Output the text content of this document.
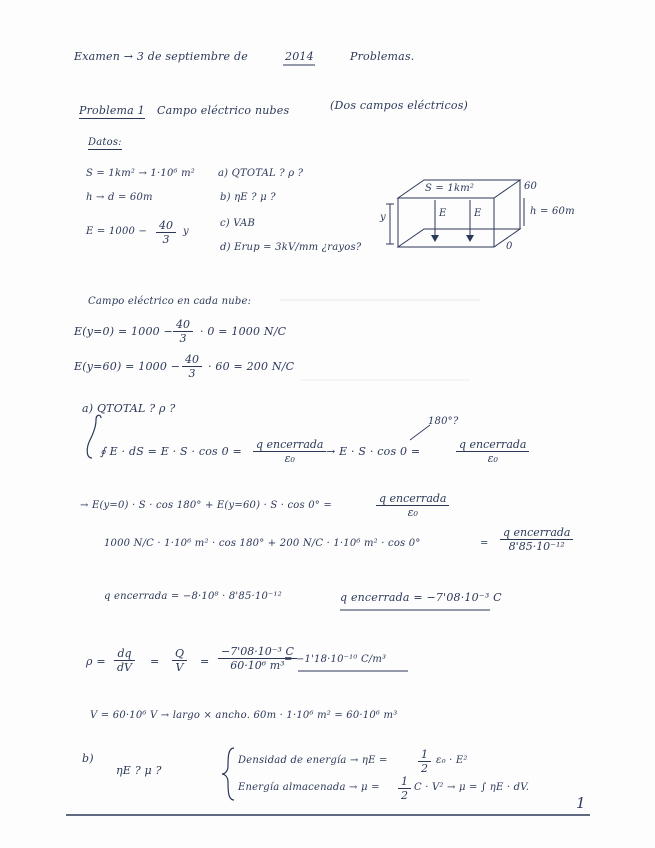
Examen → 3 de septiembre de	2014	Problemas.
Problema 1 Campo eléctrico nubes	(Dos campos eléctricos)
Datos:
S = 1km² → 1·10⁶ m²
h → d = 60m
$E = 1000 - \frac{40}{3}$ y
a) QTOTAL ? ρ ?
b) ηE ? μ ?
c) VAB
d) Erup = 3kV/mm ¿rayos?
S = 1km²
E	E	h = 60m
y
60
0
Campo eléctrico en cada nube:
$E(y=0) = 1000 - \frac{40}{3} \cdot 0 = 1000$ N/C
$E(y=60) = 1000 - \frac{40}{3} \cdot 60 = 200$ N/C
a) QTOTAL ? ρ ?
180°?
∮ E · dS = E · S · cos 0 =
q encerrada
ε₀
→ E · S · cos 0 =
q encerrada
ε₀
→ E(y=0) · S · cos 180° + E(y=60) · S · cos 0° =
q encerrada
ε₀
1000 N/C · 1·10⁶ m² · cos 180° + 200 N/C · 1·10⁶ m² · cos 0°	=
q encerrada
8'85·10⁻¹²
q encerrada = −8·10⁸ · 8'85·10⁻¹²	q encerrada = −7'08·10⁻³ C
$\rho = \frac{dq}{dV} = \frac{Q}{V} = \frac{\text{−7'08·10⁻³ C}}{\text{60·10⁶ m³}}$
= −1'18·10⁻¹⁰ C/m³
V = 60·10⁶ V → largo × ancho. 60m · 1·10⁶ m² = 60·10⁶ m³
b)
ηE ? μ ?
Densidad de energía → ηE =	$\frac{1}{2} \varepsilon_0 \cdot E^2$
Energía almacenada → $\mu = \frac{1}{2}$ C · V² → μ = ∫ ηE · dV.
1
